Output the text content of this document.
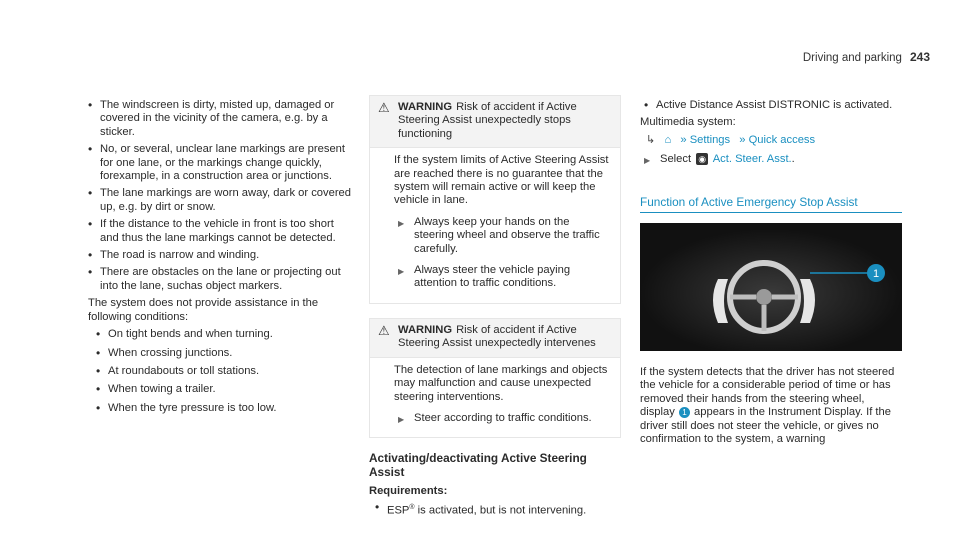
Driving and parking 243
• The windscreen is dirty, misted up, damaged or covered in the vicinity of the camera, e.g. by a sticker.
• No, or several, unclear lane markings are present for one lane, or the markings change quickly, forexample, in a construction area or junctions.
• The lane markings are worn away, dark or covered up, e.g. by dirt or snow.
• If the distance to the vehicle in front is too short and thus the lane markings cannot be detected.
• The road is narrow and winding.
• There are obstacles on the lane or projecting out into the lane, suchas object markers.

The system does not provide assistance in the following conditions:

• On tight bends and when turning.
• When crossing junctions.
• At roundabouts or toll stations.
• When towing a trailer.
• When the tyre pressure is too low.
⚠ WARNING Risk of accident if Active Steering Assist unexpectedly stops functioning

If the system limits of Active Steering Assist are reached there is no guarantee that the system will remain active or will keep the vehicle in lane.

▶ Always keep your hands on the steering wheel and observe the traffic carefully.
▶ Always steer the vehicle paying attention to traffic conditions.
⚠ WARNING Risk of accident if Active Steering Assist unexpectedly intervenes

The detection of lane markings and objects may malfunction and cause unexpected steering interventions.

▶ Steer according to traffic conditions.
Activating/deactivating Active Steering Assist
Requirements:
• ESP® is activated, but is not intervening.
• Active Distance Assist DISTRONIC is activated.

Multimedia system:

↳ ⌂ » Settings » Quick access
▶ Select ◉ Act. Steer. Asst..
Function of Active Emergency Stop Assist
1

If the system detects that the driver has not steered the vehicle for a considerable period of time or has removed their hands from the steering wheel, display 1 appears in the Instrument Display. If the driver still does not steer the vehicle, or gives no confirmation to the system, a warning
